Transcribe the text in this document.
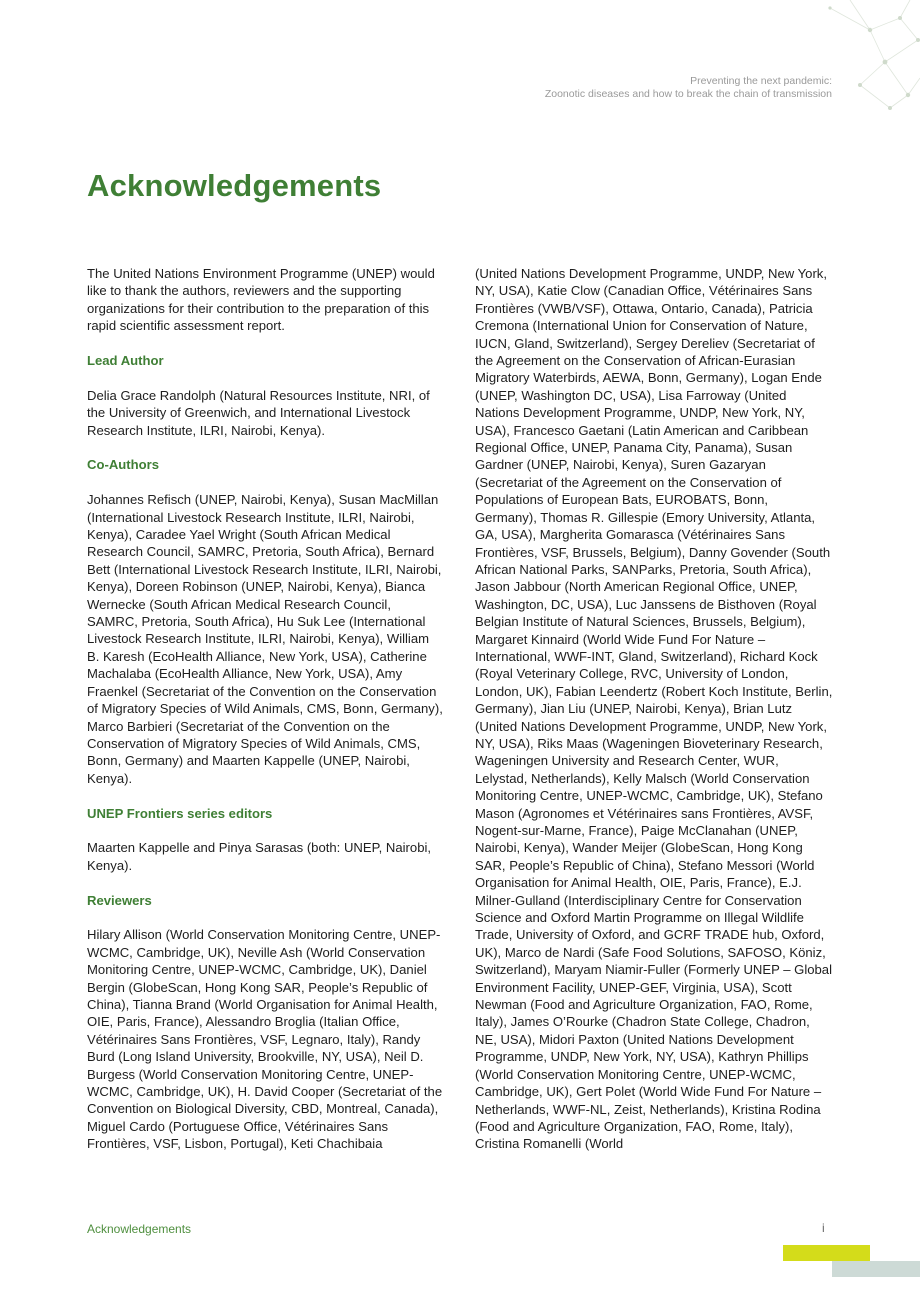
Preventing the next pandemic:
Zoonotic diseases and how to break the chain of transmission
Acknowledgements

The United Nations Environment Programme (UNEP) would like to thank the authors, reviewers and the supporting organizations for their contribution to the preparation of this rapid scientific assessment report.

Lead Author

Delia Grace Randolph (Natural Resources Institute, NRI, of the University of Greenwich, and International Livestock Research Institute, ILRI, Nairobi, Kenya).

Co-Authors

Johannes Refisch (UNEP, Nairobi, Kenya), Susan MacMillan (International Livestock Research Institute, ILRI, Nairobi, Kenya), Caradee Yael Wright (South African Medical Research Council, SAMRC, Pretoria, South Africa), Bernard Bett (International Livestock Research Institute, ILRI, Nairobi, Kenya), Doreen Robinson (UNEP, Nairobi, Kenya), Bianca Wernecke (South African Medical Research Council, SAMRC, Pretoria, South Africa), Hu Suk Lee (International Livestock Research Institute, ILRI, Nairobi, Kenya), William B. Karesh (EcoHealth Alliance, New York, USA), Catherine Machalaba (EcoHealth Alliance, New York, USA), Amy Fraenkel (Secretariat of the Convention on the Conservation of Migratory Species of Wild Animals, CMS, Bonn, Germany), Marco Barbieri (Secretariat of the Convention on the Conservation of Migratory Species of Wild Animals, CMS, Bonn, Germany) and Maarten Kappelle (UNEP, Nairobi, Kenya).

UNEP Frontiers series editors

Maarten Kappelle and Pinya Sarasas (both: UNEP, Nairobi, Kenya).

Reviewers

Hilary Allison (World Conservation Monitoring Centre, UNEP-WCMC, Cambridge, UK), Neville Ash (World Conservation Monitoring Centre, UNEP-WCMC, Cambridge, UK), Daniel Bergin (GlobeScan, Hong Kong SAR, People’s Republic of China), Tianna Brand (World Organisation for Animal Health, OIE, Paris, France), Alessandro Broglia (Italian Office, Vétérinaires Sans Frontières, VSF, Legnaro, Italy), Randy Burd (Long Island University, Brookville, NY, USA), Neil D. Burgess (World Conservation Monitoring Centre, UNEP-WCMC, Cambridge, UK), H. David Cooper (Secretariat of the Convention on Biological Diversity, CBD, Montreal, Canada), Miguel Cardo (Portuguese Office, Vétérinaires Sans Frontières, VSF, Lisbon, Portugal), Keti Chachibaia

(United Nations Development Programme, UNDP, New York, NY, USA), Katie Clow (Canadian Office, Vétérinaires Sans Frontières (VWB/VSF), Ottawa, Ontario, Canada), Patricia Cremona (International Union for Conservation of Nature, IUCN, Gland, Switzerland), Sergey Dereliev (Secretariat of the Agreement on the Conservation of African-Eurasian Migratory Waterbirds, AEWA, Bonn, Germany), Logan Ende (UNEP, Washington DC, USA), Lisa Farroway (United Nations Development Programme, UNDP, New York, NY, USA), Francesco Gaetani (Latin American and Caribbean Regional Office, UNEP, Panama City, Panama), Susan Gardner (UNEP, Nairobi, Kenya), Suren Gazaryan (Secretariat of the Agreement on the Conservation of Populations of European Bats, EUROBATS, Bonn, Germany), Thomas R. Gillespie (Emory University, Atlanta, GA, USA), Margherita Gomarasca (Vétérinaires Sans Frontières, VSF, Brussels, Belgium), Danny Govender (South African National Parks, SANParks, Pretoria, South Africa), Jason Jabbour (North American Regional Office, UNEP, Washington, DC, USA), Luc Janssens de Bisthoven (Royal Belgian Institute of Natural Sciences, Brussels, Belgium), Margaret Kinnaird (World Wide Fund For Nature – International, WWF-INT, Gland, Switzerland), Richard Kock (Royal Veterinary College, RVC, University of London, London, UK), Fabian Leendertz (Robert Koch Institute, Berlin, Germany), Jian Liu (UNEP, Nairobi, Kenya), Brian Lutz (United Nations Development Programme, UNDP, New York, NY, USA), Riks Maas (Wageningen Bioveterinary Research, Wageningen University and Research Center, WUR, Lelystad, Netherlands), Kelly Malsch (World Conservation Monitoring Centre, UNEP-WCMC, Cambridge, UK), Stefano Mason (Agronomes et Vétérinaires sans Frontières, AVSF, Nogent-sur-Marne, France), Paige McClanahan (UNEP, Nairobi, Kenya), Wander Meijer (GlobeScan, Hong Kong SAR, People’s Republic of China), Stefano Messori (World Organisation for Animal Health, OIE, Paris, France), E.J. Milner-Gulland (Interdisciplinary Centre for Conservation Science and Oxford Martin Programme on Illegal Wildlife Trade, University of Oxford, and GCRF TRADE hub, Oxford, UK), Marco de Nardi (Safe Food Solutions, SAFOSO, Köniz, Switzerland), Maryam Niamir-Fuller (Formerly UNEP – Global Environment Facility, UNEP-GEF, Virginia, USA), Scott Newman (Food and Agriculture Organization, FAO, Rome, Italy), James O’Rourke (Chadron State College, Chadron, NE, USA), Midori Paxton (United Nations Development Programme, UNDP, New York, NY, USA), Kathryn Phillips (World Conservation Monitoring Centre, UNEP-WCMC, Cambridge, UK), Gert Polet (World Wide Fund For Nature – Netherlands, WWF-NL, Zeist, Netherlands), Kristina Rodina (Food and Agriculture Organization, FAO, Rome, Italy), Cristina Romanelli (World

Acknowledgements	i
